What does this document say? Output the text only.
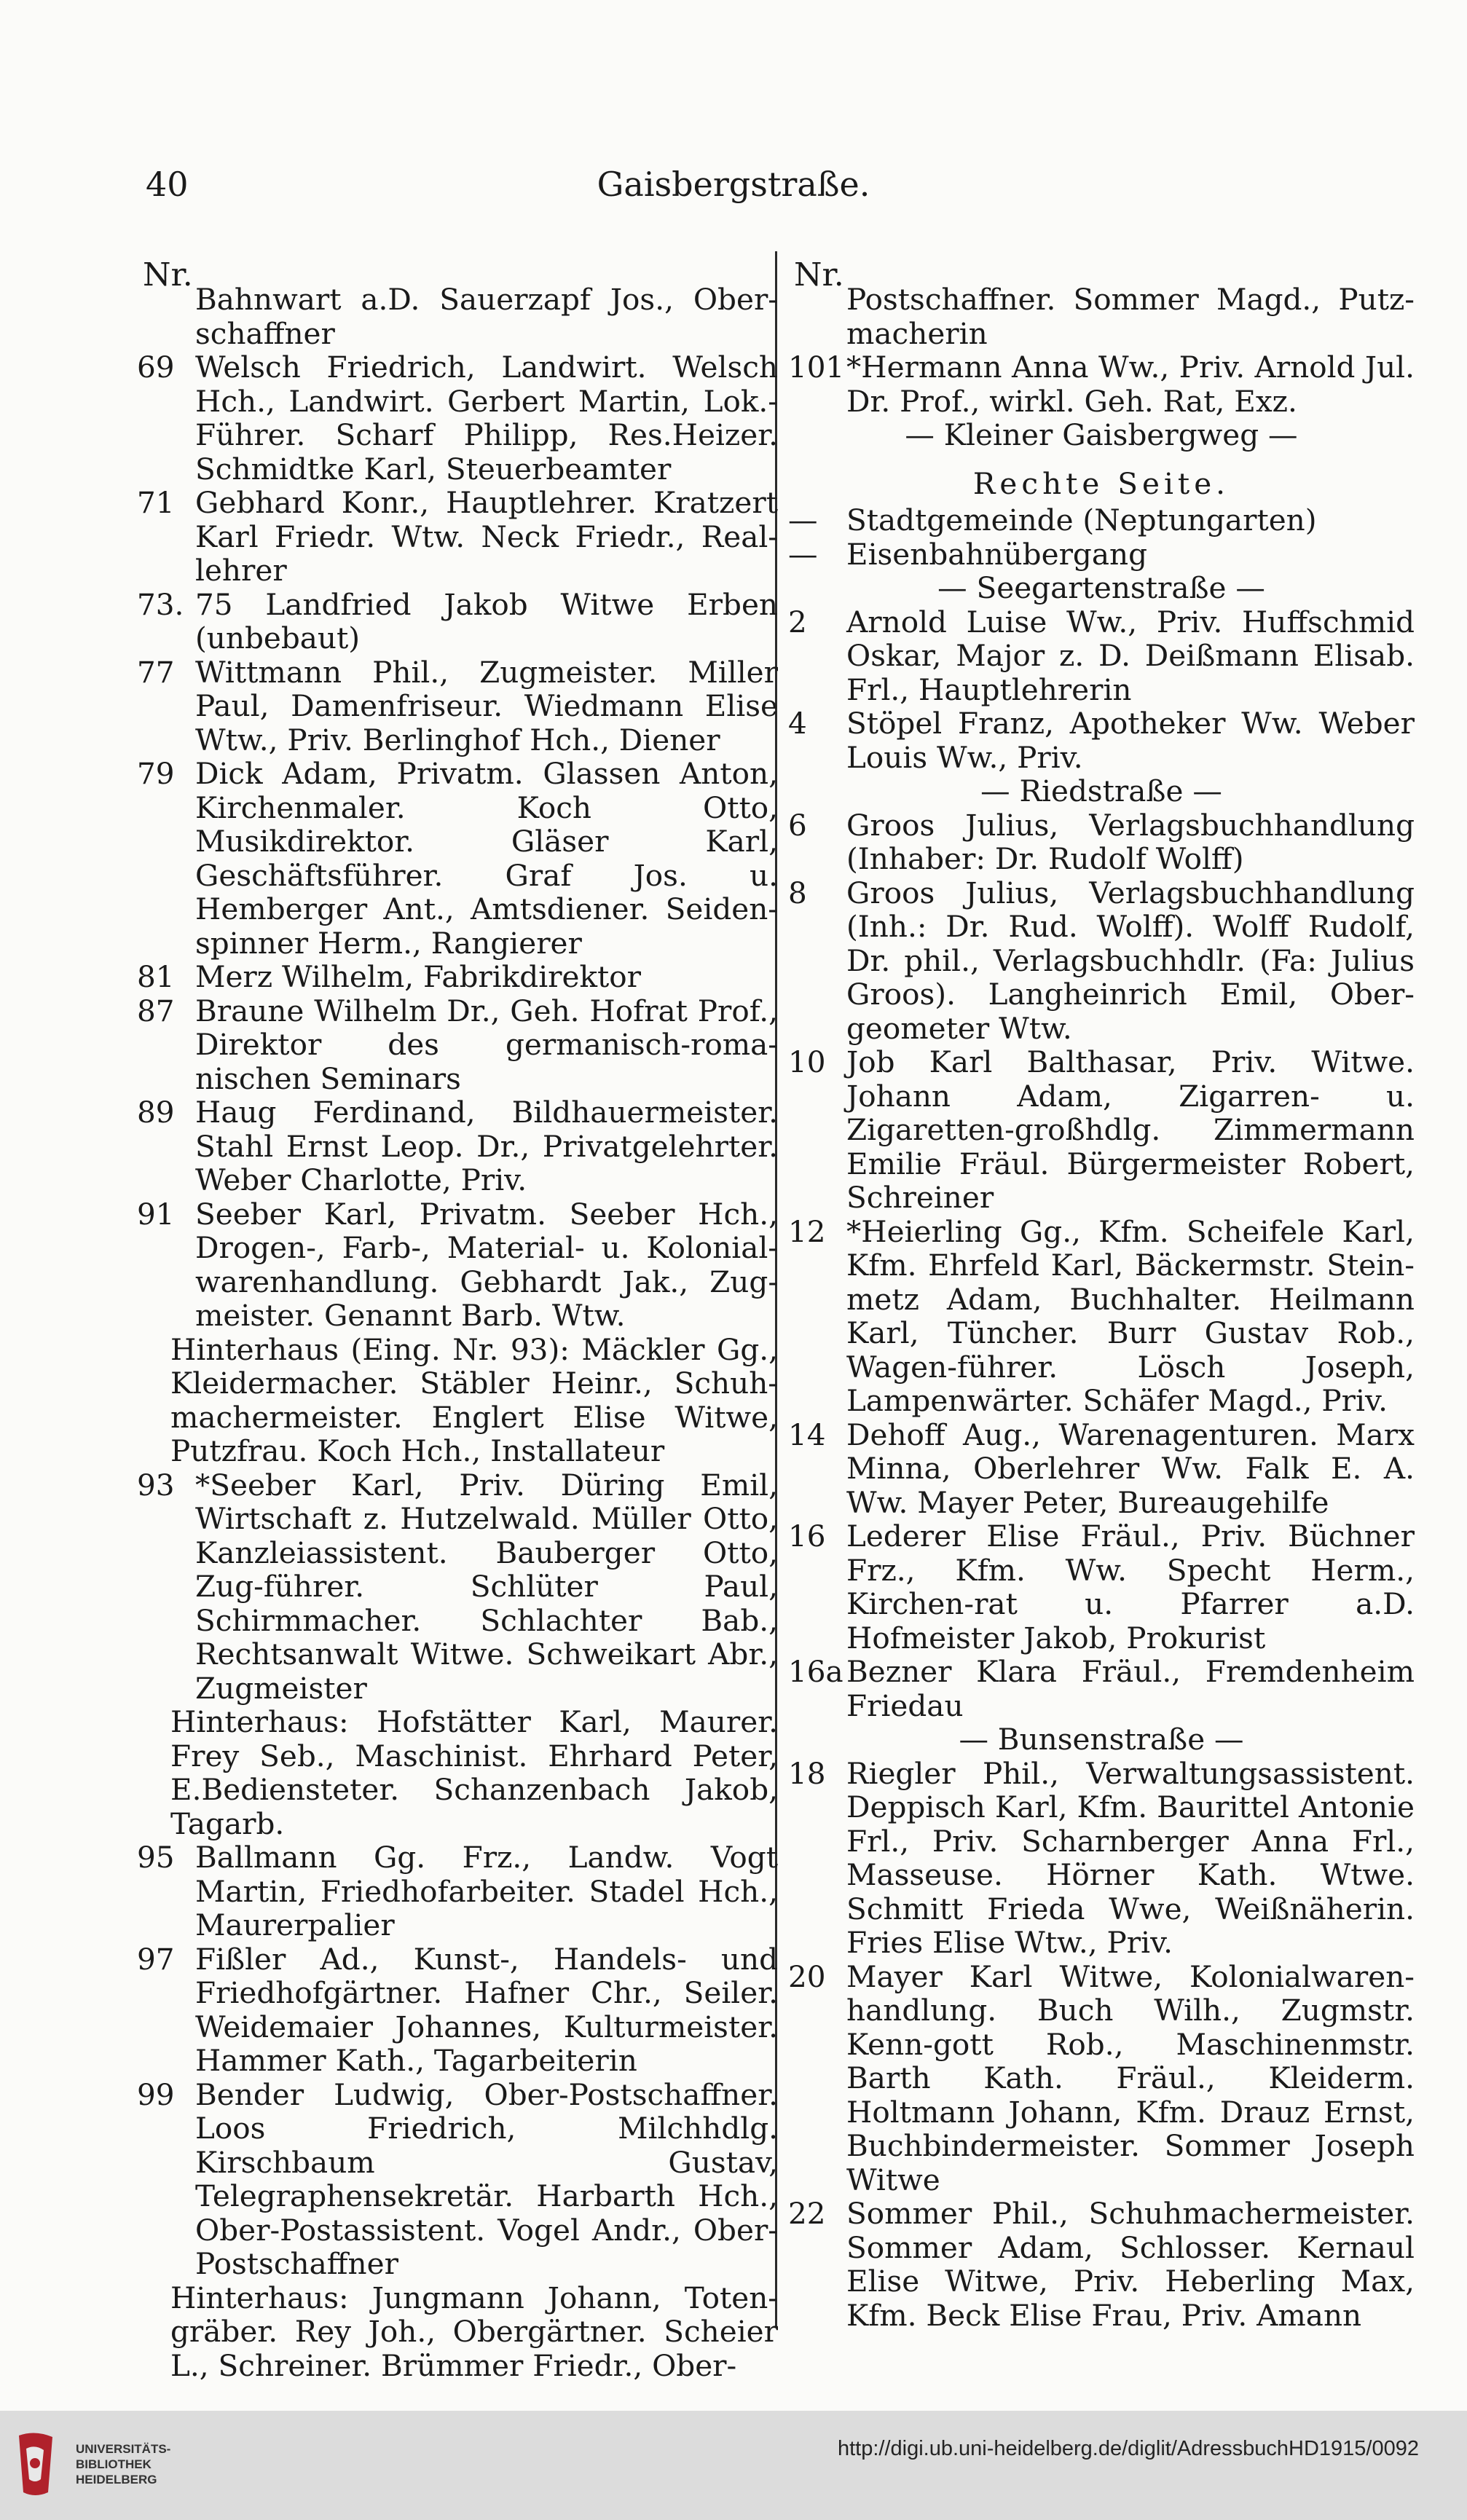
40	Gaisbergstraße.
Nr.	Nr.
Bahnwart a.D. Sauerzapf Jos., Ober-schaffner
69 Welsch Friedrich, Landwirt. Welsch Hch., Landwirt. Gerbert Martin, Lok.-Führer. Scharf Philipp, Res.Heizer. Schmidtke Karl, Steuerbeamter
71 Gebhard Konr., Hauptlehrer. Kratzert Karl Friedr. Wtw. Neck Friedr., Real-lehrer
73. 75 Landfried Jakob Witwe Erben (unbebaut)
77 Wittmann Phil., Zugmeister. Miller Paul, Damenfriseur. Wiedmann Elise Wtw., Priv. Berlinghof Hch., Diener
79 Dick Adam, Privatm. Glassen Anton, Kirchenmaler. Koch Otto, Musikdirektor. Gläser Karl, Geschäftsführer. Graf Jos. u. Hemberger Ant., Amtsdiener. Seiden-spinner Herm., Rangierer
81 Merz Wilhelm, Fabrikdirektor
87 Braune Wilhelm Dr., Geh. Hofrat Prof., Direktor des germanisch-roma-nischen Seminars
89 Haug Ferdinand, Bildhauermeister. Stahl Ernst Leop. Dr., Privatgelehrter. Weber Charlotte, Priv.
91 Seeber Karl, Privatm. Seeber Hch., Drogen-, Farb-, Material- u. Kolonial-warenhandlung. Gebhardt Jak., Zug-meister. Genannt Barb. Wtw.
Hinterhaus (Eing. Nr. 93): Mäckler Gg., Kleidermacher. Stäbler Heinr., Schuh-machermeister. Englert Elise Witwe, Putzfrau. Koch Hch., Installateur
93 *Seeber Karl, Priv. Düring Emil, Wirtschaft z. Hutzelwald. Müller Otto, Kanzleiassistent. Bauberger Otto, Zug-führer. Schlüter Paul, Schirmmacher. Schlachter Bab., Rechtsanwalt Witwe. Schweikart Abr., Zugmeister
Hinterhaus: Hofstätter Karl, Maurer. Frey Seb., Maschinist. Ehrhard Peter, E.Bediensteter. Schanzenbach Jakob, Tagarb.
95 Ballmann Gg. Frz., Landw. Vogt Martin, Friedhofarbeiter. Stadel Hch., Maurerpalier
97 Fißler Ad., Kunst-, Handels- und Friedhofgärtner. Hafner Chr., Seiler. Weidemaier Johannes, Kulturmeister. Hammer Kath., Tagarbeiterin
99 Bender Ludwig, Ober-Postschaffner. Loos Friedrich, Milchhdlg. Kirschbaum Gustav, Telegraphensekretär. Harbarth Hch., Ober-Postassistent. Vogel Andr., Ober-Postschaffner
Hinterhaus: Jungmann Johann, Toten-gräber. Rey Joh., Obergärtner. Scheier L., Schreiner. Brümmer Friedr., Ober-
Postschaffner. Sommer Magd., Putz-macherin
101 *Hermann Anna Ww., Priv. Arnold Jul. Dr. Prof., wirkl. Geh. Rat, Exz.
— Kleiner Gaisbergweg —
Rechte Seite.
— Stadtgemeinde (Neptungarten)
— Eisenbahnübergang
— Seegartenstraße —
2	Arnold Luise Ww., Priv. Huffschmid Oskar, Major z. D. Deißmann Elisab. Frl., Hauptlehrerin
4	Stöpel Franz, Apotheker Ww. Weber Louis Ww., Priv.
— Riedstraße —
6	Groos Julius, Verlagsbuchhandlung (Inhaber: Dr. Rudolf Wolff)
8	Groos Julius, Verlagsbuchhandlung (Inh.: Dr. Rud. Wolff). Wolff Rudolf, Dr. phil., Verlagsbuchhdlr. (Fa: Julius Groos). Langheinrich Emil, Ober-geometer Wtw.
10 Job Karl Balthasar, Priv. Witwe. Johann Adam, Zigarren- u. Zigaretten-großhdlg. Zimmermann Emilie Fräul. Bürgermeister Robert, Schreiner
12 *Heierling Gg., Kfm. Scheifele Karl, Kfm. Ehrfeld Karl, Bäckermstr. Stein-metz Adam, Buchhalter. Heilmann Karl, Tüncher. Burr Gustav Rob., Wagen-führer. Lösch Joseph, Lampenwärter. Schäfer Magd., Priv.
14 Dehoff Aug., Warenagenturen. Marx Minna, Oberlehrer Ww. Falk E. A. Ww. Mayer Peter, Bureaugehilfe
16 Lederer Elise Fräul., Priv. Büchner Frz., Kfm. Ww. Specht Herm., Kirchen-rat u. Pfarrer a.D. Hofmeister Jakob, Prokurist
16a Bezner Klara Fräul., Fremdenheim Friedau
— Bunsenstraße —
18 Riegler Phil., Verwaltungsassistent. Deppisch Karl, Kfm. Baurittel Antonie Frl., Priv. Scharnberger Anna Frl., Masseuse. Hörner Kath. Wtwe. Schmitt Frieda Wwe, Weißnäherin. Fries Elise Wtw., Priv.
20 Mayer Karl Witwe, Kolonialwaren-handlung. Buch Wilh., Zugmstr. Kenn-gott Rob., Maschinenmstr. Barth Kath. Fräul., Kleiderm. Holtmann Johann, Kfm. Drauz Ernst, Buchbindermeister. Sommer Joseph Witwe
22 Sommer Phil., Schuhmachermeister. Sommer Adam, Schlosser. Kernaul Elise Witwe, Priv. Heberling Max, Kfm. Beck Elise Frau, Priv. Amann
UNIVERSITÄTS-
BIBLIOTHEK
HEIDELBERG
http://digi.ub.uni-heidelberg.de/diglit/AdressbuchHD1915/0092
